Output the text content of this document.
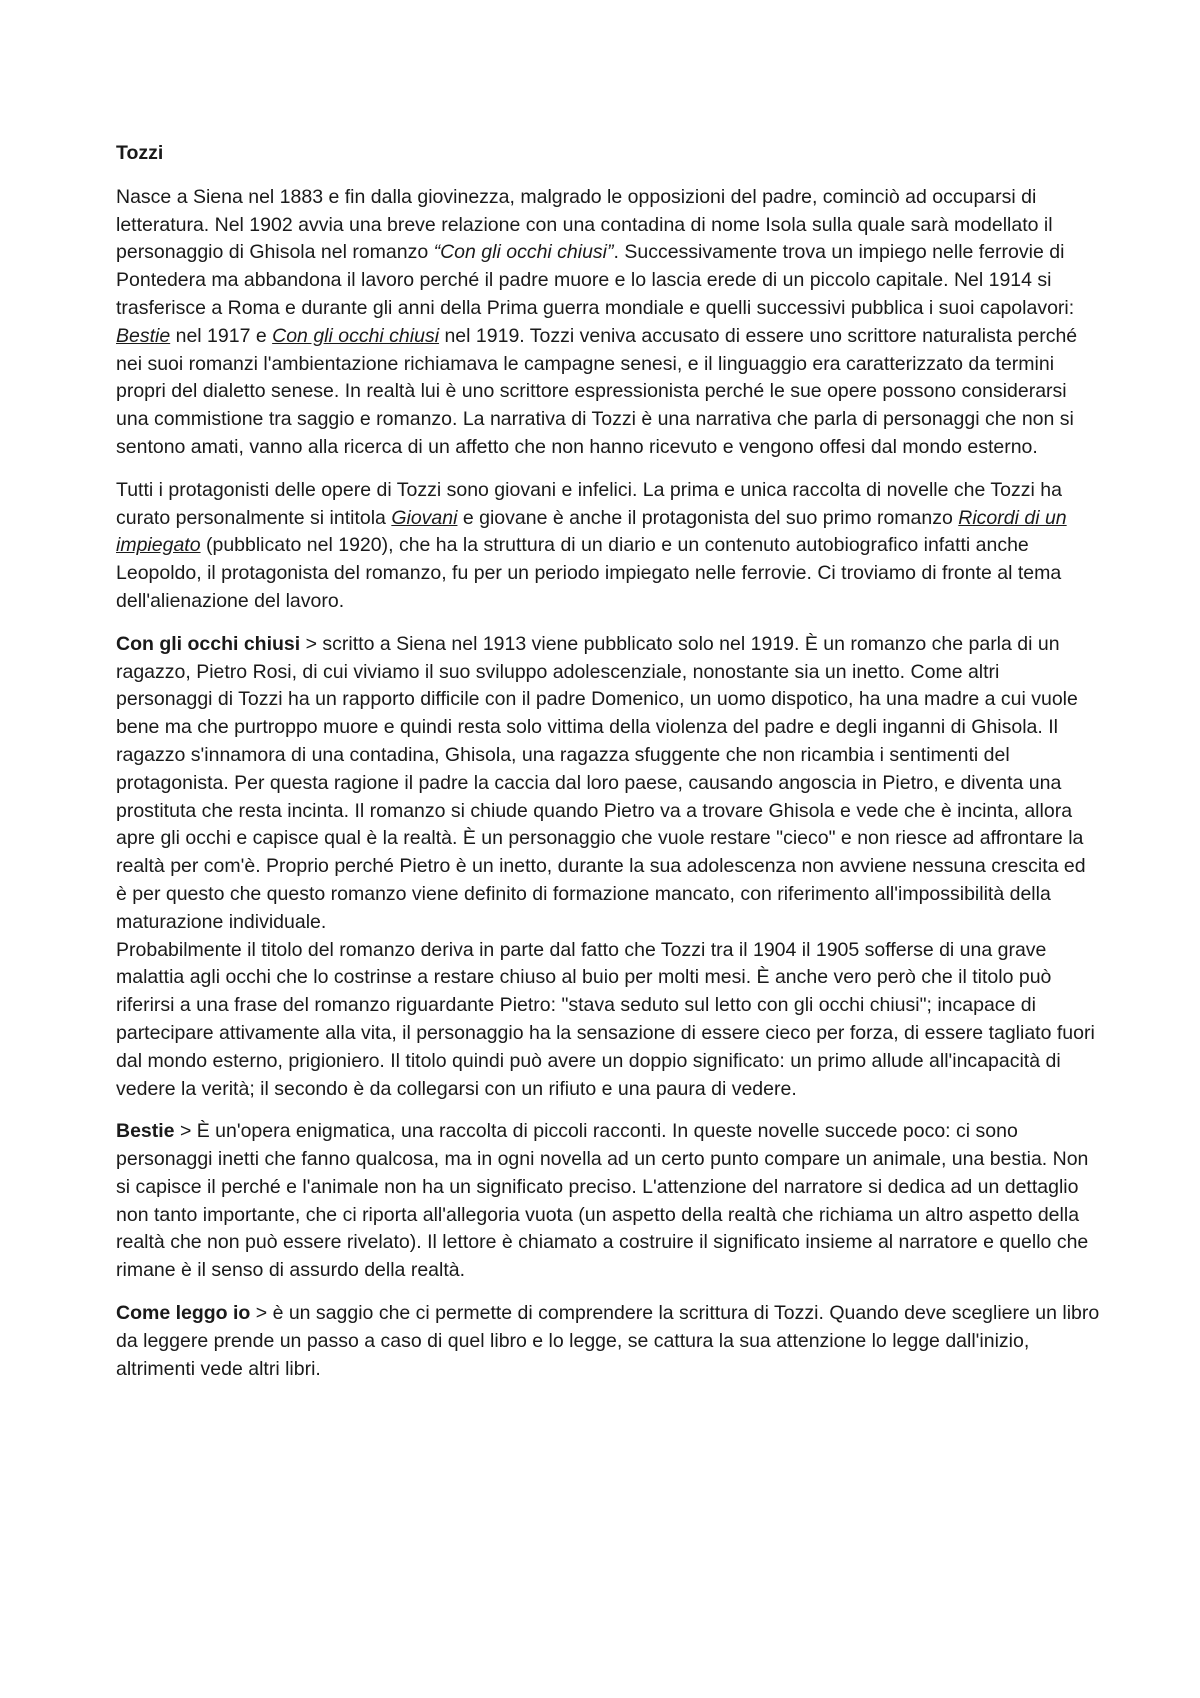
Tozzi

Nasce a Siena nel 1883 e fin dalla giovinezza, malgrado le opposizioni del padre, cominciò ad occuparsi di letteratura. Nel 1902 avvia una breve relazione con una contadina di nome Isola sulla quale sarà modellato il personaggio di Ghisola nel romanzo “Con gli occhi chiusi”. Successivamente trova un impiego nelle ferrovie di Pontedera ma abbandona il lavoro perché il padre muore e lo lascia erede di un piccolo capitale. Nel 1914 si trasferisce a Roma e durante gli anni della Prima guerra mondiale e quelli successivi pubblica i suoi capolavori: Bestie nel 1917 e Con gli occhi chiusi nel 1919. Tozzi veniva accusato di essere uno scrittore naturalista perché nei suoi romanzi l'ambientazione richiamava le campagne senesi, e il linguaggio era caratterizzato da termini propri del dialetto senese. In realtà lui è uno scrittore espressionista perché le sue opere possono considerarsi una commistione tra saggio e romanzo. La narrativa di Tozzi è una narrativa che parla di personaggi che non si sentono amati, vanno alla ricerca di un affetto che non hanno ricevuto e vengono offesi dal mondo esterno.

Tutti i protagonisti delle opere di Tozzi sono giovani e infelici. La prima e unica raccolta di novelle che Tozzi ha curato personalmente si intitola Giovani e giovane è anche il protagonista del suo primo romanzo Ricordi di un impiegato (pubblicato nel 1920), che ha la struttura di un diario e un contenuto autobiografico infatti anche Leopoldo, il protagonista del romanzo, fu per un periodo impiegato nelle ferrovie. Ci troviamo di fronte al tema dell'alienazione del lavoro.

Con gli occhi chiusi > scritto a Siena nel 1913 viene pubblicato solo nel 1919. È un romanzo che parla di un ragazzo, Pietro Rosi, di cui viviamo il suo sviluppo adolescenziale, nonostante sia un inetto. Come altri personaggi di Tozzi ha un rapporto difficile con il padre Domenico, un uomo dispotico, ha una madre a cui vuole bene ma che purtroppo muore e quindi resta solo vittima della violenza del padre e degli inganni di Ghisola. Il ragazzo s'innamora di una contadina, Ghisola, una ragazza sfuggente che non ricambia i sentimenti del protagonista. Per questa ragione il padre la caccia dal loro paese, causando angoscia in Pietro, e diventa una prostituta che resta incinta. Il romanzo si chiude quando Pietro va a trovare Ghisola e vede che è incinta, allora apre gli occhi e capisce qual è la realtà. È un personaggio che vuole restare "cieco" e non riesce ad affrontare la realtà per com'è. Proprio perché Pietro è un inetto, durante la sua adolescenza non avviene nessuna crescita ed è per questo che questo romanzo viene definito di formazione mancato, con riferimento all'impossibilità della maturazione individuale.

Probabilmente il titolo del romanzo deriva in parte dal fatto che Tozzi tra il 1904 il 1905 sofferse di una grave malattia agli occhi che lo costrinse a restare chiuso al buio per molti mesi. È anche vero però che il titolo può riferirsi a una frase del romanzo riguardante Pietro: "stava seduto sul letto con gli occhi chiusi"; incapace di partecipare attivamente alla vita, il personaggio ha la sensazione di essere cieco per forza, di essere tagliato fuori dal mondo esterno, prigioniero. Il titolo quindi può avere un doppio significato: un primo allude all'incapacità di vedere la verità; il secondo è da collegarsi con un rifiuto e una paura di vedere.

Bestie > È un'opera enigmatica, una raccolta di piccoli racconti. In queste novelle succede poco: ci sono personaggi inetti che fanno qualcosa, ma in ogni novella ad un certo punto compare un animale, una bestia. Non si capisce il perché e l'animale non ha un significato preciso. L'attenzione del narratore si dedica ad un dettaglio non tanto importante, che ci riporta all'allegoria vuota (un aspetto della realtà che richiama un altro aspetto della realtà che non può essere rivelato). Il lettore è chiamato a costruire il significato insieme al narratore e quello che rimane è il senso di assurdo della realtà.

Come leggo io > è un saggio che ci permette di comprendere la scrittura di Tozzi. Quando deve scegliere un libro da leggere prende un passo a caso di quel libro e lo legge, se cattura la sua attenzione lo legge dall'inizio, altrimenti vede altri libri.
